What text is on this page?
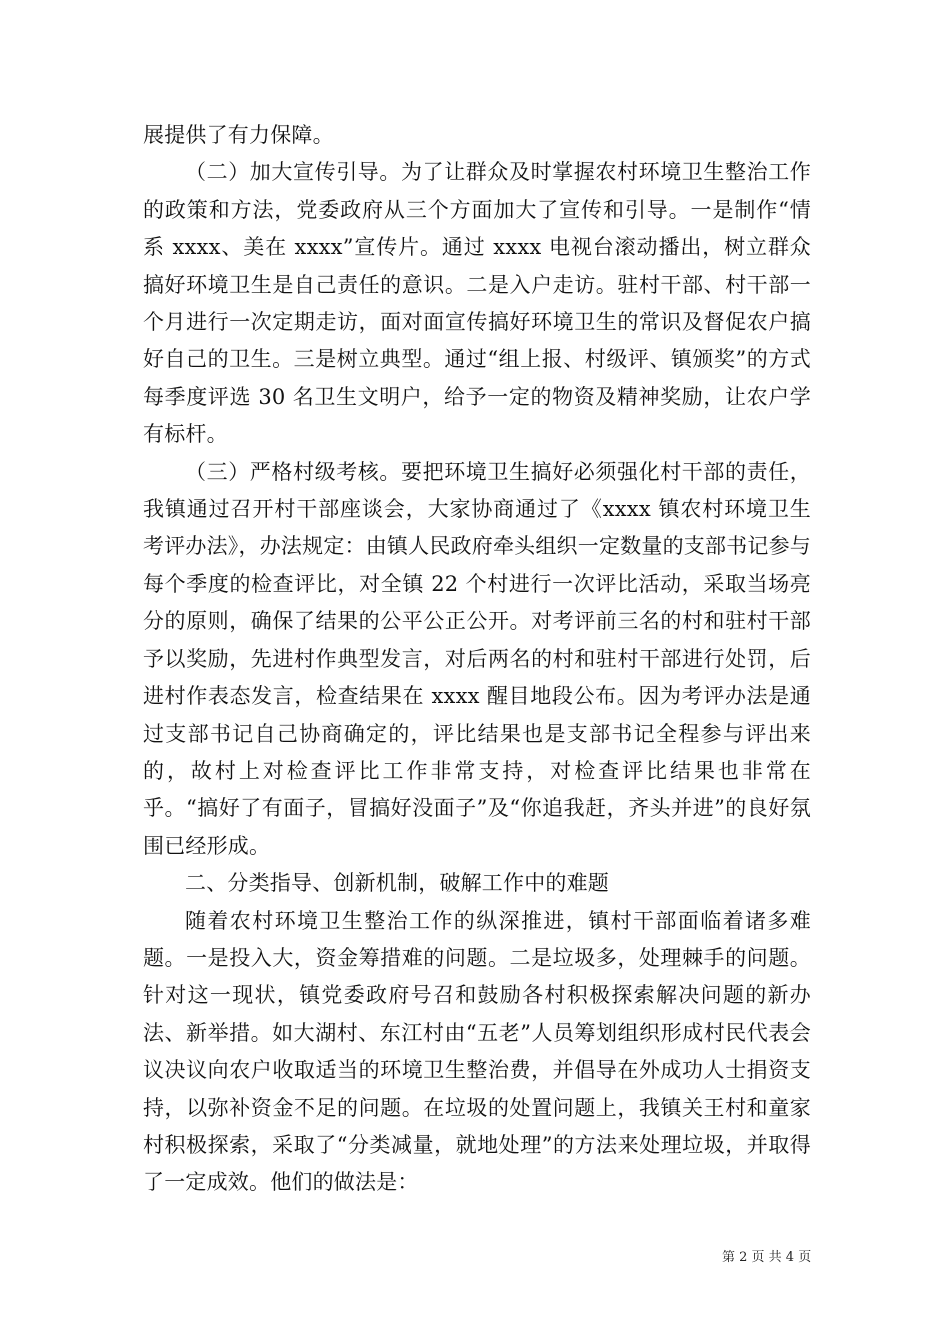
展提供了有力保障。

（二）加大宣传引导。为了让群众及时掌握农村环境卫生整治工作的政策和方法，党委政府从三个方面加大了宣传和引导。一是制作“情系 xxxx、美在 xxxx”宣传片。通过 xxxx 电视台滚动播出，树立群众搞好环境卫生是自己责任的意识。二是入户走访。驻村干部、村干部一个月进行一次定期走访，面对面宣传搞好环境卫生的常识及督促农户搞好自己的卫生。三是树立典型。通过“组上报、村级评、镇颁奖”的方式每季度评选 30 名卫生文明户，给予一定的物资及精神奖励，让农户学有标杆。

（三）严格村级考核。要把环境卫生搞好必须强化村干部的责任，我镇通过召开村干部座谈会，大家协商通过了《xxxx 镇农村环境卫生考评办法》，办法规定：由镇人民政府牵头组织一定数量的支部书记参与每个季度的检查评比，对全镇 22 个村进行一次评比活动，采取当场亮分的原则，确保了结果的公平公正公开。对考评前三名的村和驻村干部予以奖励，先进村作典型发言，对后两名的村和驻村干部进行处罚，后进村作表态发言，检查结果在 xxxx 醒目地段公布。因为考评办法是通过支部书记自己协商确定的，评比结果也是支部书记全程参与评出来的，故村上对检查评比工作非常支持，对检查评比结果也非常在乎。“搞好了有面子，冒搞好没面子”及“你追我赶，齐头并进”的良好氛围已经形成。

二、分类指导、创新机制，破解工作中的难题

随着农村环境卫生整治工作的纵深推进，镇村干部面临着诸多难题。一是投入大，资金筹措难的问题。二是垃圾多，处理棘手的问题。针对这一现状，镇党委政府号召和鼓励各村积极探索解决问题的新办法、新举措。如大湖村、东江村由“五老”人员筹划组织形成村民代表会议决议向农户收取适当的环境卫生整治费，并倡导在外成功人士捐资支持，以弥补资金不足的问题。在垃圾的处置问题上，我镇关王村和童家村积极探索，采取了“分类减量，就地处理”的方法来处理垃圾，并取得了一定成效。他们的做法是：

第 2 页 共 4 页
